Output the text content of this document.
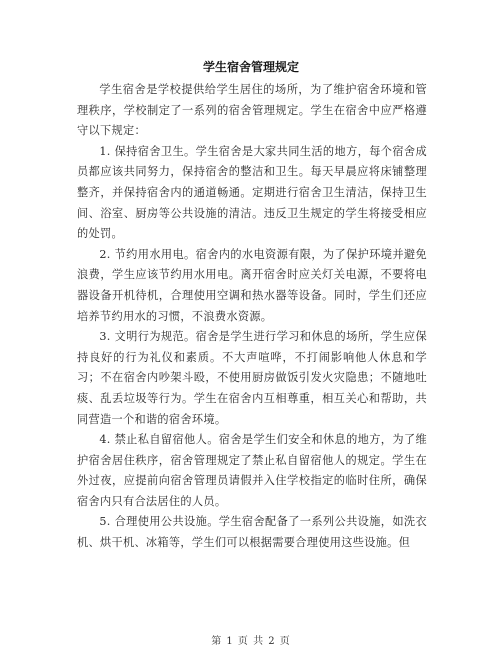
学生宿舍管理规定

学生宿舍是学校提供给学生居住的场所，为了维护宿舍环境和管理秩序，学校制定了一系列的宿舍管理规定。学生在宿舍中应严格遵守以下规定：

1. 保持宿舍卫生。学生宿舍是大家共同生活的地方，每个宿舍成员都应该共同努力，保持宿舍的整洁和卫生。每天早晨应将床铺整理整齐，并保持宿舍内的通道畅通。定期进行宿舍卫生清洁，保持卫生间、浴室、厨房等公共设施的清洁。违反卫生规定的学生将接受相应的处罚。

2. 节约用水用电。宿舍内的水电资源有限，为了保护环境并避免浪费，学生应该节约用水用电。离开宿舍时应关灯关电源，不要将电器设备开机待机，合理使用空调和热水器等设备。同时，学生们还应培养节约用水的习惯，不浪费水资源。

3. 文明行为规范。宿舍是学生进行学习和休息的场所，学生应保持良好的行为礼仪和素质。不大声喧哗，不打闹影响他人休息和学习；不在宿舍内吵架斗殴，不使用厨房做饭引发火灾隐患；不随地吐痰、乱丢垃圾等行为。学生在宿舍内互相尊重，相互关心和帮助，共同营造一个和谐的宿舍环境。

4. 禁止私自留宿他人。宿舍是学生们安全和休息的地方，为了维护宿舍居住秩序，宿舍管理规定了禁止私自留宿他人的规定。学生在外过夜，应提前向宿舍管理员请假并入住学校指定的临时住所，确保宿舍内只有合法居住的人员。

5. 合理使用公共设施。学生宿舍配备了一系列公共设施，如洗衣机、烘干机、冰箱等，学生们可以根据需要合理使用这些设施。但

第 1 页 共 2 页
